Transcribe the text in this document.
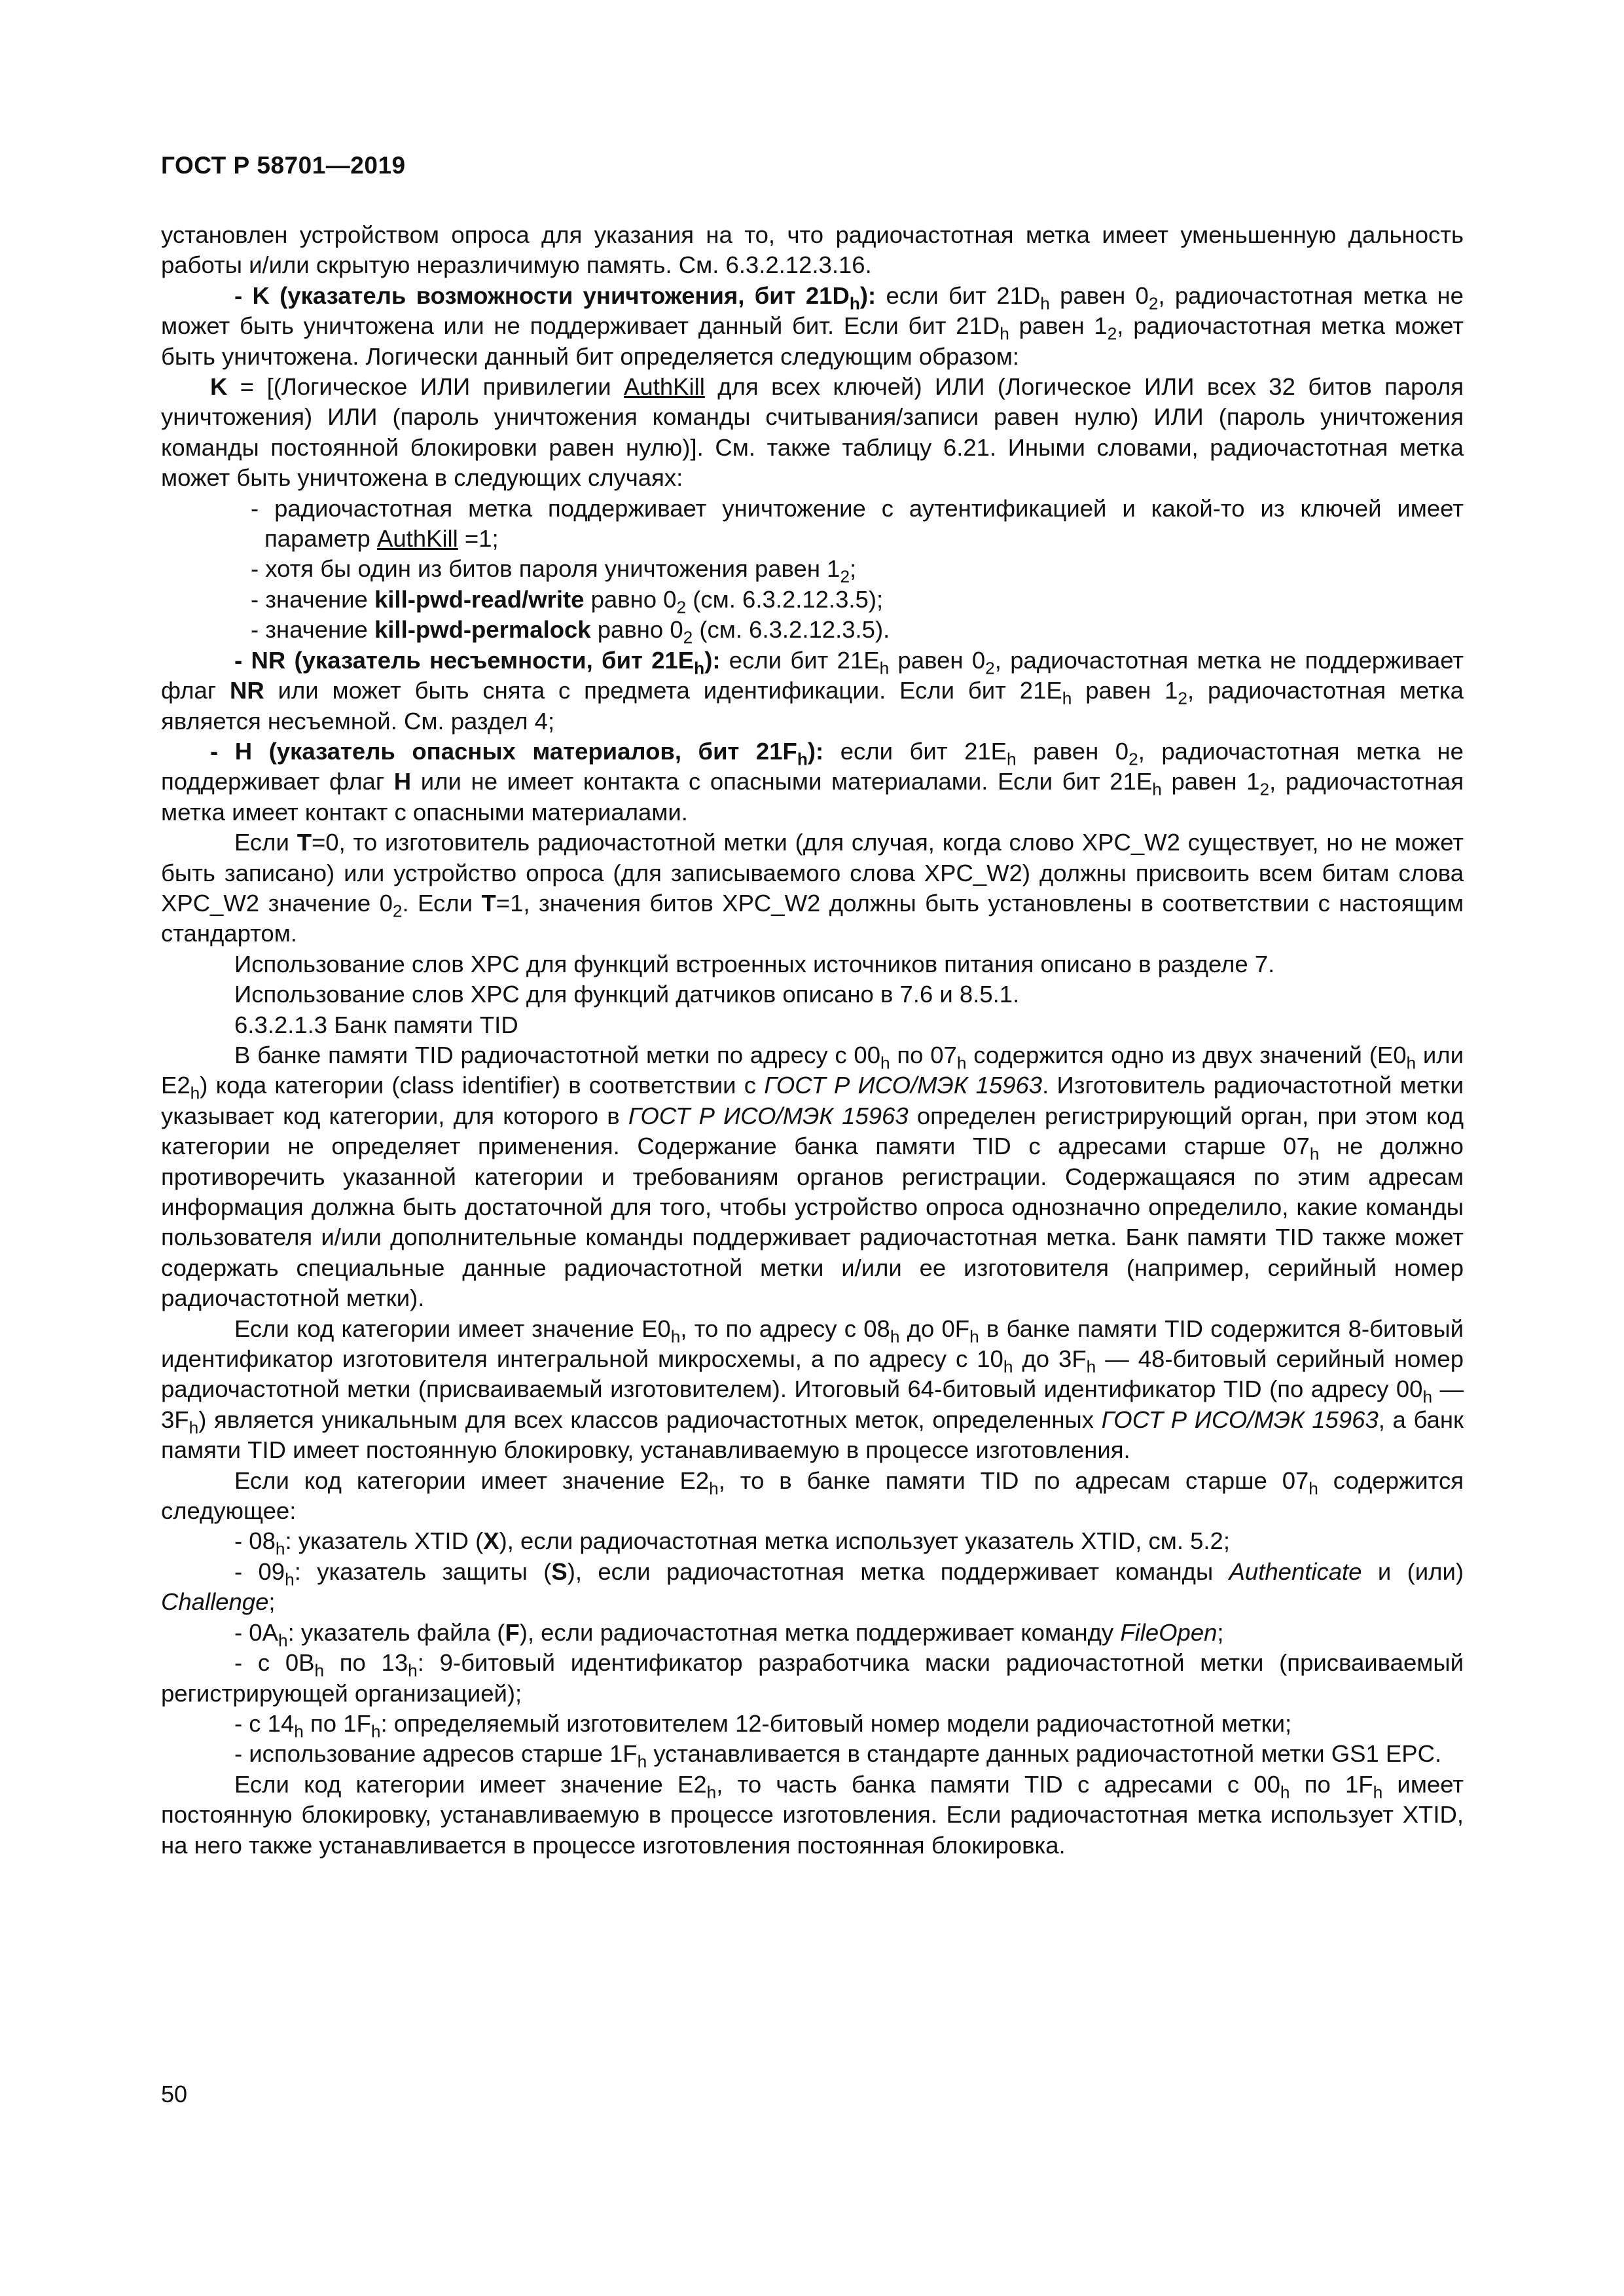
ГОСТ Р 58701—2019

установлен устройством опроса для указания на то, что радиочастотная метка имеет уменьшенную дальность работы и/или скрытую неразличимую память. См. 6.3.2.12.3.16.

- K (указатель возможности уничтожения, бит $21D_h$): если бит $21D_h$ равен $0_2$, радиочастотная метка не может быть уничтожена или не поддерживает данный бит. Если бит $21D_h$ равен $1_2$, радиочастотная метка может быть уничтожена. Логически данный бит определяется следующим образом:

K = [(Логическое ИЛИ привилегии AuthKill для всех ключей) ИЛИ (Логическое ИЛИ всех 32 битов пароля уничтожения) ИЛИ (пароль уничтожения команды считывания/записи равен нулю) ИЛИ (пароль уничтожения команды постоянной блокировки равен нулю)]. См. также таблицу 6.21. Иными словами, радиочастотная метка может быть уничтожена в следующих случаях:

- радиочастотная метка поддерживает уничтожение с аутентификацией и какой-то из ключей имеет параметр AuthKill =1;

- хотя бы один из битов пароля уничтожения равен $1_2$;

- значение kill-pwd-read/write равно $0_2$ (см. 6.3.2.12.3.5);

- значение kill-pwd-permalock равно $0_2$ (см. 6.3.2.12.3.5).

- NR (указатель несъемности, бит $21E_h$): если бит $21E_h$ равен $0_2$, радиочастотная метка не поддерживает флаг NR или может быть снята с предмета идентификации. Если бит $21E_h$ равен $1_2$, радиочастотная метка является несъемной. См. раздел 4;

- H (указатель опасных материалов, бит $21F_h$): если бит $21E_h$ равен $0_2$, радиочастотная метка не поддерживает флаг H или не имеет контакта с опасными материалами. Если бит $21E_h$ равен $1_2$, радиочастотная метка имеет контакт с опасными материалами.

Если T=0, то изготовитель радиочастотной метки (для случая, когда слово XPC_W2 существует, но не может быть записано) или устройство опроса (для записываемого слова XPC_W2) должны присвоить всем битам слова XPC_W2 значение $0_2$. Если T=1, значения битов XPC_W2 должны быть установлены в соответствии с настоящим стандартом.

Использование слов XPC для функций встроенных источников питания описано в разделе 7.

Использование слов XPC для функций датчиков описано в 7.6 и 8.5.1.

6.3.2.1.3 Банк памяти TID

В банке памяти TID радиочастотной метки по адресу с $00_h$ по $07_h$ содержится одно из двух значений ($E0_h$ или $E2_h$) кода категории (class identifier) в соответствии с ГОСТ Р ИСО/МЭК 15963. Изготовитель радиочастотной метки указывает код категории, для которого в ГОСТ Р ИСО/МЭК 15963 определен регистрирующий орган, при этом код категории не определяет применения. Содержание банка памяти TID с адресами старше $07_h$ не должно противоречить указанной категории и требованиям органов регистрации. Содержащаяся по этим адресам информация должна быть достаточной для того, чтобы устройство опроса однозначно определило, какие команды пользователя и/или дополнительные команды поддерживает радиочастотная метка. Банк памяти TID также может содержать специальные данные радиочастотной метки и/или ее изготовителя (например, серийный номер радиочастотной метки).

Если код категории имеет значение $E0_h$, то по адресу с $08_h$ до $0F_h$ в банке памяти TID содержится 8-битовый идентификатор изготовителя интегральной микросхемы, а по адресу с $10_h$ до $3F_h$ — 48-битовый серийный номер радиочастотной метки (присваиваемый изготовителем). Итоговый 64-битовый идентификатор TID (по адресу $00_h$ — $3F_h$) является уникальным для всех классов радиочастотных меток, определенных ГОСТ Р ИСО/МЭК 15963, а банк памяти TID имеет постоянную блокировку, устанавливаемую в процессе изготовления.

Если код категории имеет значение $E2_h$, то в банке памяти TID по адресам старше $07_h$ содержится следующее:

- $08_h$: указатель XTID (X), если радиочастотная метка использует указатель XTID, см. 5.2;

- $09_h$: указатель защиты (S), если радиочастотная метка поддерживает команды Authenticate и (или) Challenge;

- $0A_h$: указатель файла (F), если радиочастотная метка поддерживает команду FileOpen;

- с $0B_h$ по $13_h$: 9-битовый идентификатор разработчика маски радиочастотной метки (присваиваемый регистрирующей организацией);

- с $14_h$ по $1F_h$: определяемый изготовителем 12-битовый номер модели радиочастотной метки;

- использование адресов старше $1F_h$ устанавливается в стандарте данных радиочастотной метки GS1 EPC.

Если код категории имеет значение $E2_h$, то часть банка памяти TID с адресами с $00_h$ по $1F_h$ имеет постоянную блокировку, устанавливаемую в процессе изготовления. Если радиочастотная метка использует XTID, на него также устанавливается в процессе изготовления постоянная блокировка.

50
